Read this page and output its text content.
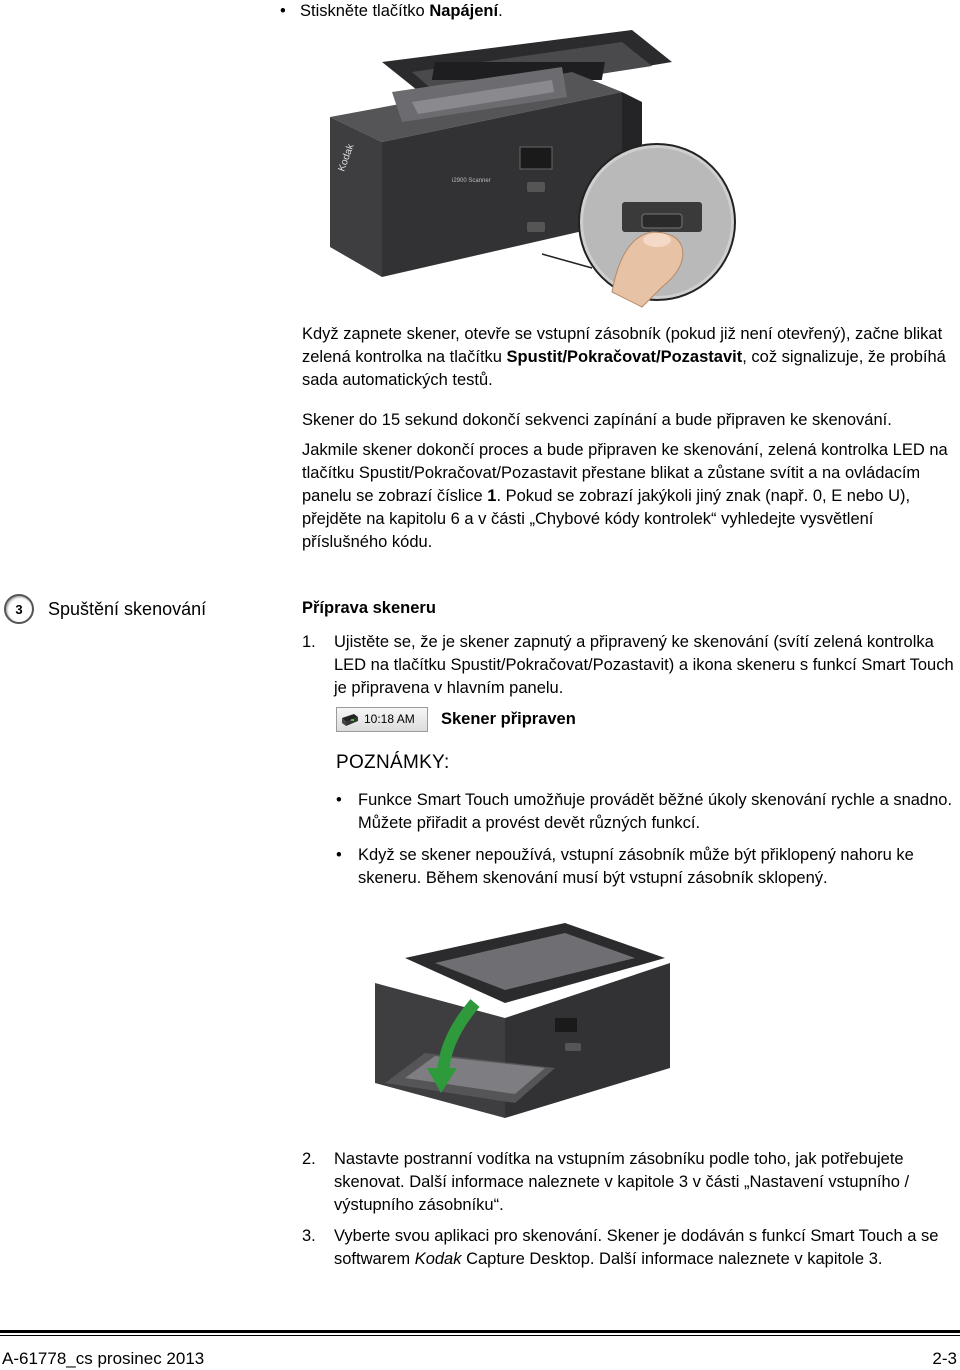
• Stiskněte tlačítko Napájení.
Kodak
i2900 Scanner

Když zapnete skener, otevře se vstupní zásobník (pokud již není otevřený), začne blikat zelená kontrolka na tlačítku Spustit/Pokračovat/Pozastavit, což signalizuje, že probíhá sada automatických testů.

Skener do 15 sekund dokončí sekvenci zapínání a bude připraven ke skenování.

Jakmile skener dokončí proces a bude připraven ke skenování, zelená kontrolka LED na tlačítku Spustit/Pokračovat/Pozastavit přestane blikat a zůstane svítit a na ovládacím panelu se zobrazí číslice 1. Pokud se zobrazí jakýkoli jiný znak (např. 0, E nebo U), přejděte na kapitolu 6 a v části „Chybové kódy kontrolek“ vyhledejte vysvětlení příslušného kódu.

3	Spuštění skenování	Příprava skeneru
1. Ujistěte se, že je skener zapnutý a připravený ke skenování (svítí zelená kontrolka LED na tlačítku Spustit/Pokračovat/Pozastavit) a ikona skeneru s funkcí Smart Touch je připravena v hlavním panelu.
10:18 AM Skener připraven
POZNÁMKY:
• Funkce Smart Touch umožňuje provádět běžné úkoly skenování rychle a snadno. Můžete přiřadit a provést devět různých funkcí.
• Když se skener nepoužívá, vstupní zásobník může být přiklopený nahoru ke skeneru. Během skenování musí být vstupní zásobník sklopený.
2. Nastavte postranní vodítka na vstupním zásobníku podle toho, jak potřebujete skenovat. Další informace naleznete v kapitole 3 v části „Nastavení vstupního / výstupního zásobníku“.
3. Vyberte svou aplikaci pro skenování. Skener je dodáván s funkcí Smart Touch a se softwarem Kodak Capture Desktop. Další informace naleznete v kapitole 3.
A-61778_cs prosinec 2013	2-3
